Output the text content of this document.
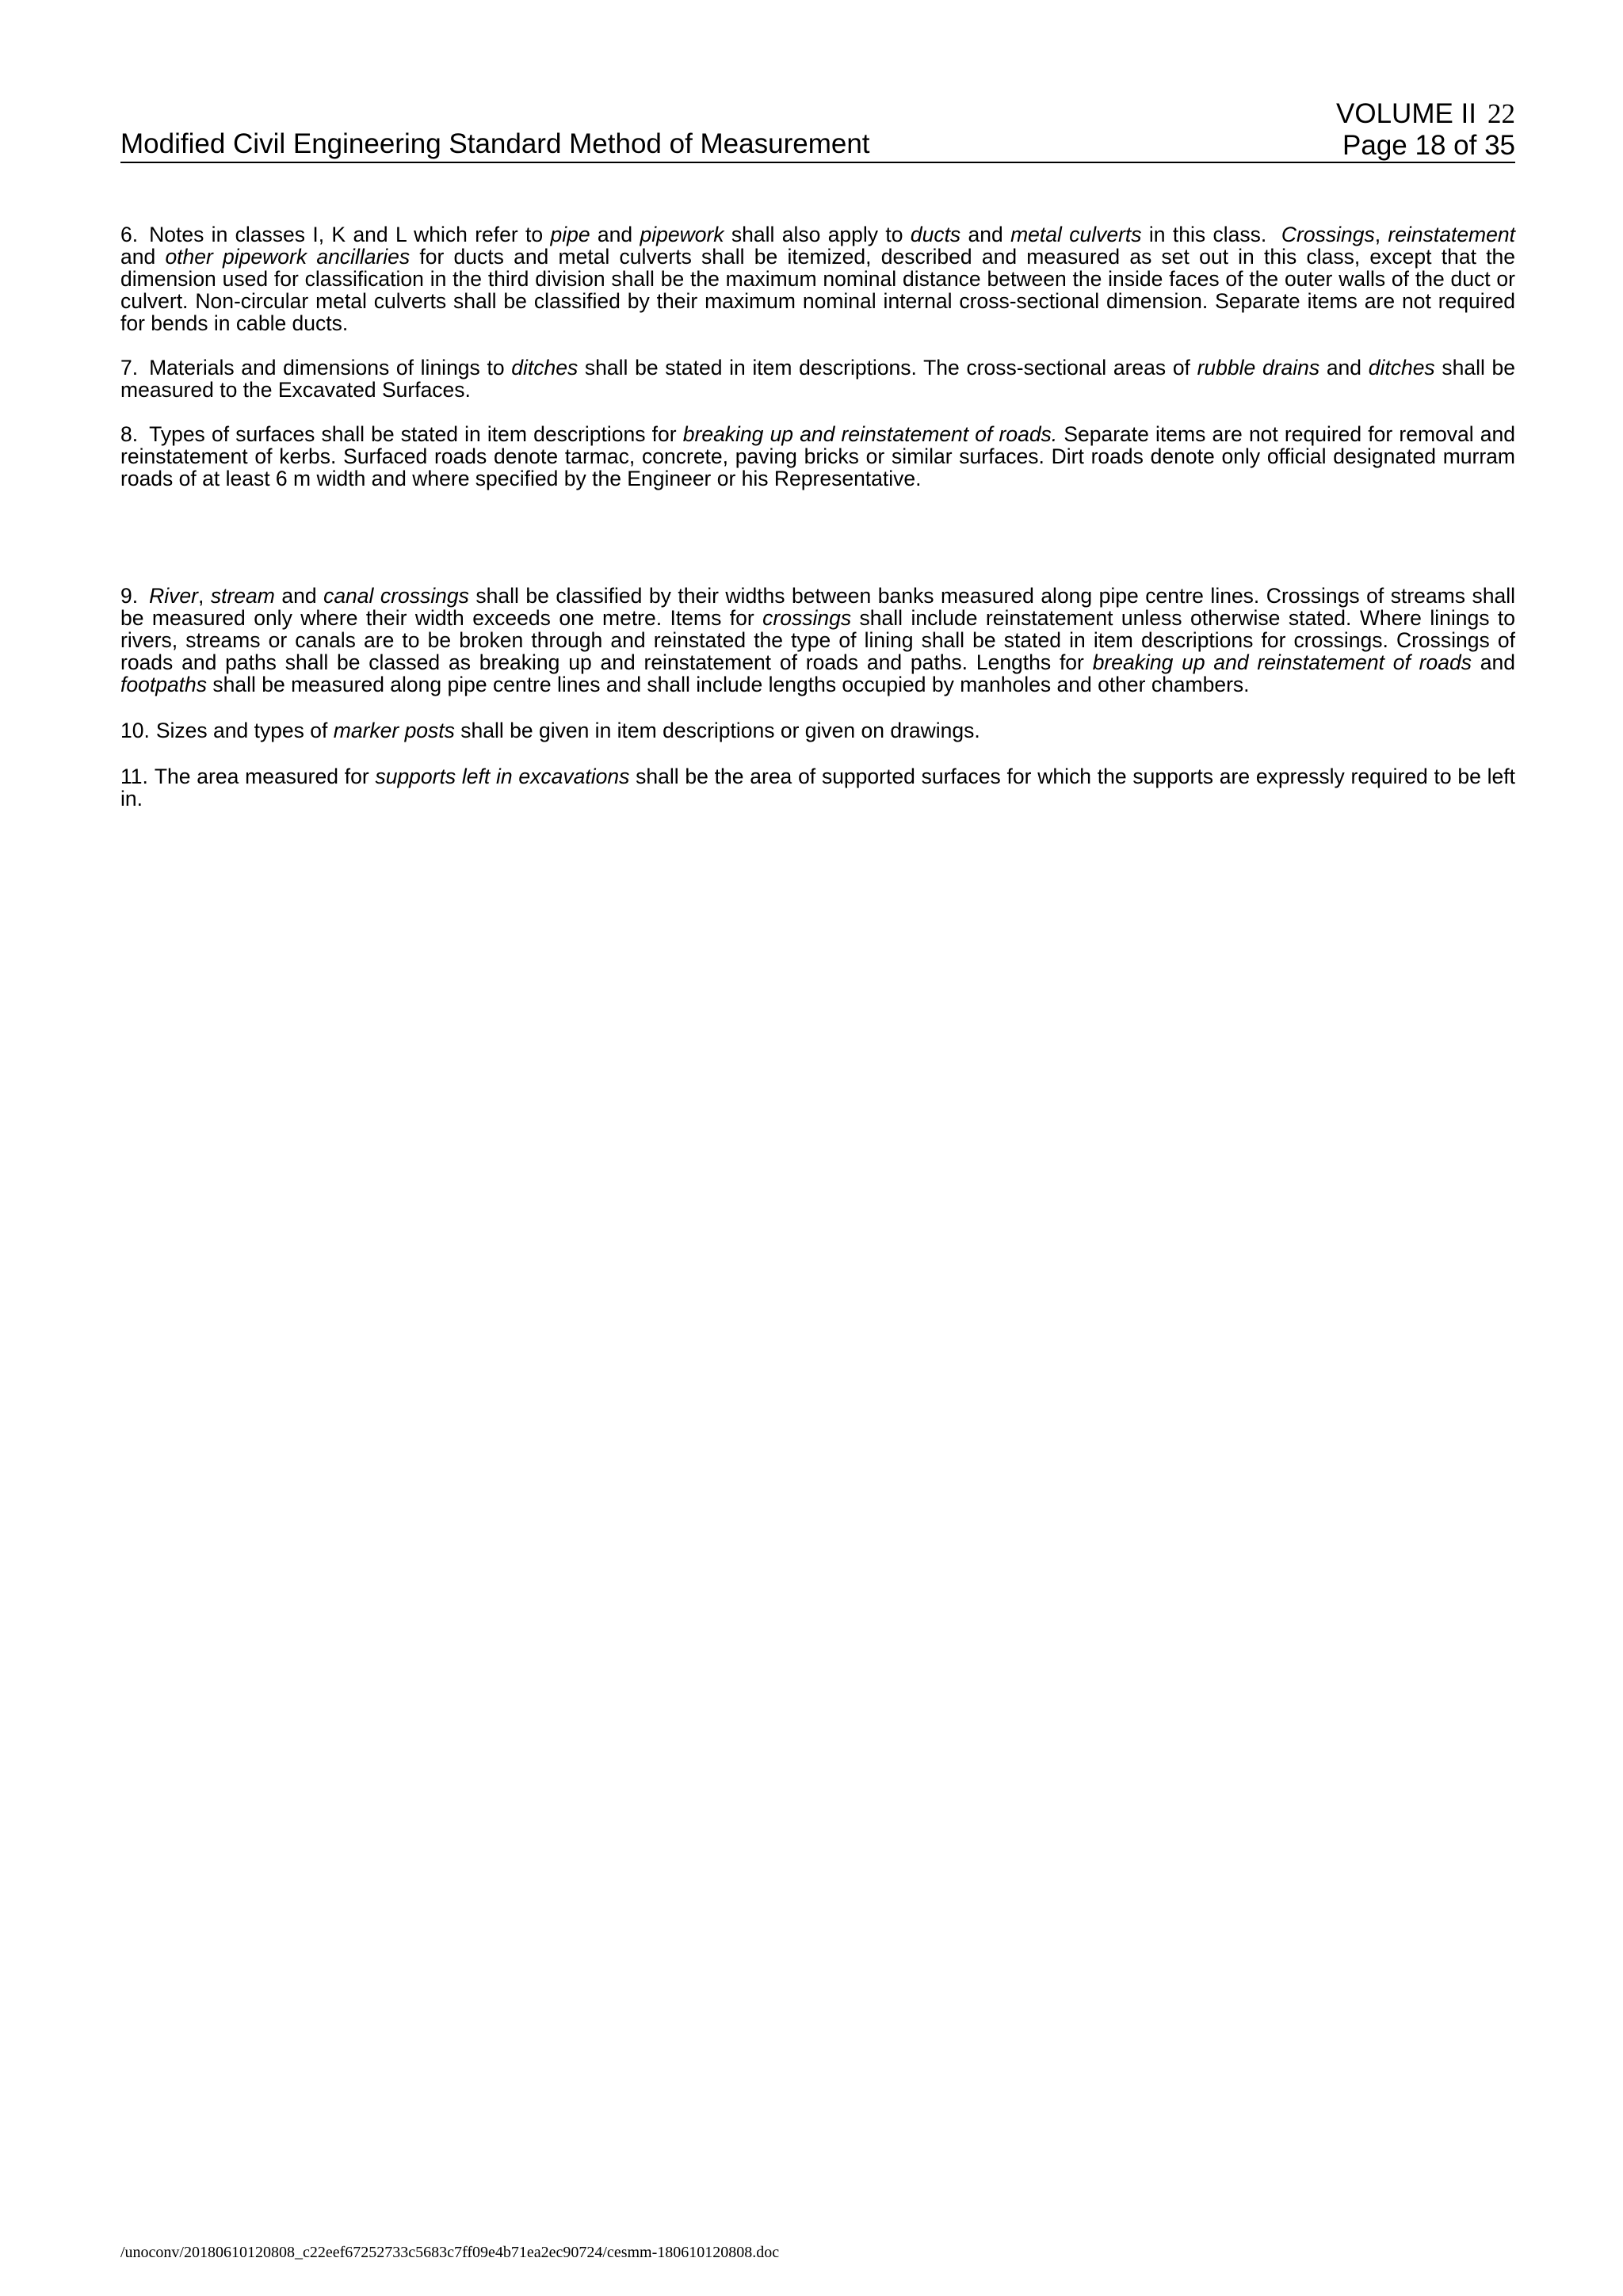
Modified Civil Engineering Standard Method of Measurement
VOLUME II 22
Page 18 of 35

6. Notes in classes I, K and L which refer to pipe and pipework shall also apply to ducts and metal culverts in this class.  Crossings, reinstatement and other pipework ancillaries for ducts and metal culverts shall be itemized, described and measured as set out in this class, except that the dimension used for classification in the third division shall be the maximum nominal distance between the inside faces of the outer walls of the duct or culvert. Non-circular metal culverts shall be classified by their maximum nominal internal cross-sectional dimension. Separate items are not required for bends in cable ducts.

7. Materials and dimensions of linings to ditches shall be stated in item descriptions. The cross-sectional areas of rubble drains and ditches shall be measured to the Excavated Surfaces.

8. Types of surfaces shall be stated in item descriptions for breaking up and reinstatement of roads. Separate items are not required for removal and reinstatement of kerbs. Surfaced roads denote tarmac, concrete, paving bricks or similar surfaces. Dirt roads denote only official designated murram roads of at least 6 m width and where specified by the Engineer or his Representative.

9. River, stream and canal crossings shall be classified by their widths between banks measured along pipe centre lines. Crossings of streams shall be measured only where their width exceeds one metre. Items for crossings shall include reinstatement unless otherwise stated. Where linings to rivers, streams or canals are to be broken through and reinstated the type of lining shall be stated in item descriptions for crossings. Crossings of roads and paths shall be classed as breaking up and reinstatement of roads and paths. Lengths for breaking up and reinstatement of roads and footpaths shall be measured along pipe centre lines and shall include lengths occupied by manholes and other chambers.

10. Sizes and types of marker posts shall be given in item descriptions or given on drawings.

11. The area measured for supports left in excavations shall be the area of supported surfaces for which the supports are expressly required to be left in.

/unoconv/20180610120808_c22eef67252733c5683c7ff09e4b71ea2ec90724/cesmm-180610120808.doc
